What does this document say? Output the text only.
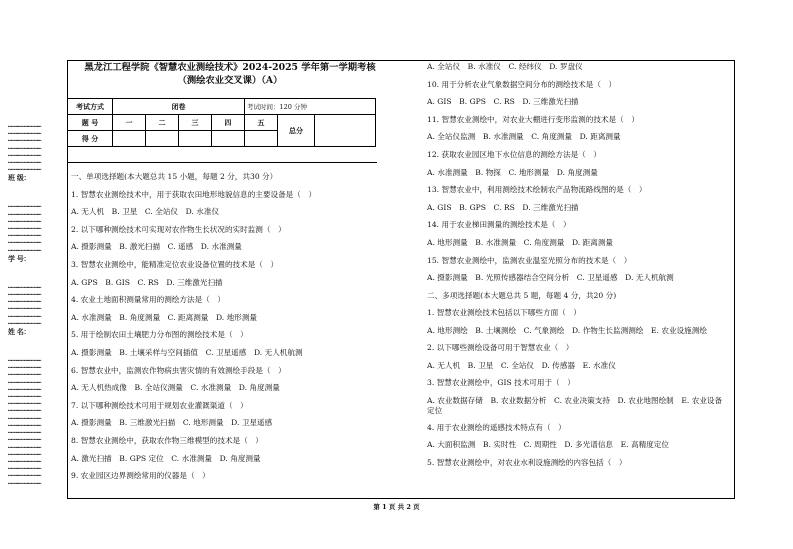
…………………………
…………………………
…………………………
…………………………
…………………………
…………………………
…………………………
班 级：
…………………………
…………………………
…………………………
…………………………
…………………………
…………………………
…………………………
学 号：
…………………………
…………………………
…………………………
…………………………
…………………………
…………………………
姓 名：
…………………………
…………………………
…………………………
…………………………
…………………………
…………………………
…………………………
…………………………
…………………………
…………………………
…………………………
…………………………
…………………………
…………………………
…………………………
…………………………
…………………………
…………………………
黑龙江工程学院《智慧农业测绘技术》2024-2025 学年第一学期考核
（测绘农业交叉课）（A）
考试方式	闭卷				考试时间：120 分钟		
题 号	一	二	三	四	五	总分	
得 分							
一、单项选择题(本大题总共 15 小题，每题 2 分，共30 分）
1. 智慧农业测绘技术中，用于获取农田地形地貌信息的主要设备是（　）
A. 无人机　B. 卫星　C. 全站仪　D. 水准仪
2. 以下哪种测绘技术可实现对农作物生长状况的实时监测（　）
A. 摄影测量　B. 激光扫描　C. 遥感　D. 水准测量
3. 智慧农业测绘中，能精准定位农业设备位置的技术是（　）
A. GPS　B. GIS　C. RS　D. 三维激光扫描
4. 农业土地面积测量常用的测绘方法是（　）
A. 水准测量　B. 角度测量　C. 距离测量　D. 地形测量
5. 用于绘制农田土壤肥力分布图的测绘技术是（　）
A. 摄影测量　B. 土壤采样与空间插值　C. 卫星遥感　D. 无人机航测
6. 智慧农业中，监测农作物病虫害灾情的有效测绘手段是（　）
A. 无人机热成像　B. 全站仪测量　C. 水准测量　D. 角度测量
7. 以下哪种测绘技术可用于规划农业灌溉渠道（　）
A. 摄影测量　B. 三维激光扫描　C. 地形测量　D. 卫星遥感
8. 智慧农业测绘中，获取农作物三维模型的技术是（　）
A. 激光扫描　B. GPS 定位　C. 水准测量　D. 角度测量
9. 农业园区边界测绘常用的仪器是（　）
A. 全站仪　B. 水准仪　C. 经纬仪　D. 罗盘仪
10. 用于分析农业气象数据空间分布的测绘技术是（　）
A. GIS　B. GPS　C. RS　D. 三维激光扫描
11. 智慧农业测绘中，对农业大棚进行变形监测的技术是（　）
A. 全站仪监测　B. 水准测量　C. 角度测量　D. 距离测量
12. 获取农业园区地下水位信息的测绘方法是（　）
A. 水准测量　B. 物探　C. 地形测量　D. 角度测量
13. 智慧农业中，利用测绘技术绘制农产品物流路线图的是（　）
A. GIS　B. GPS　C. RS　D. 三维激光扫描
14. 用于农业梯田测量的测绘技术是（　）
A. 地形测量　B. 水准测量　C. 角度测量　D. 距离测量
15. 智慧农业测绘中，监测农业温室光照分布的技术是（　）
A. 摄影测量　B. 光照传感器结合空间分析　C. 卫星遥感　D. 无人机航测
二、多项选择题(本大题总共 5 题，每题 4 分，共20 分)
1. 智慧农业测绘技术包括以下哪些方面（　）
A. 地形测绘　B. 土壤测绘　C. 气象测绘　D. 作物生长监测测绘　E. 农业设施测绘
2. 以下哪些测绘设备可用于智慧农业（　）
A. 无人机　B. 卫星　C. 全站仪　D. 传感器　E. 水准仪
3. 智慧农业测绘中，GIS 技术可用于（　）
A. 农业数据存储　B. 农业数据分析　C. 农业决策支持　D. 农业地图绘制　E. 农业设备定位
4. 用于农业测绘的遥感技术特点有（　）
A. 大面积监测　B. 实时性　C. 周期性　D. 多光谱信息　E. 高精度定位
5. 智慧农业测绘中，对农业水利设施测绘的内容包括（　）
第 1 页 共 2 页
